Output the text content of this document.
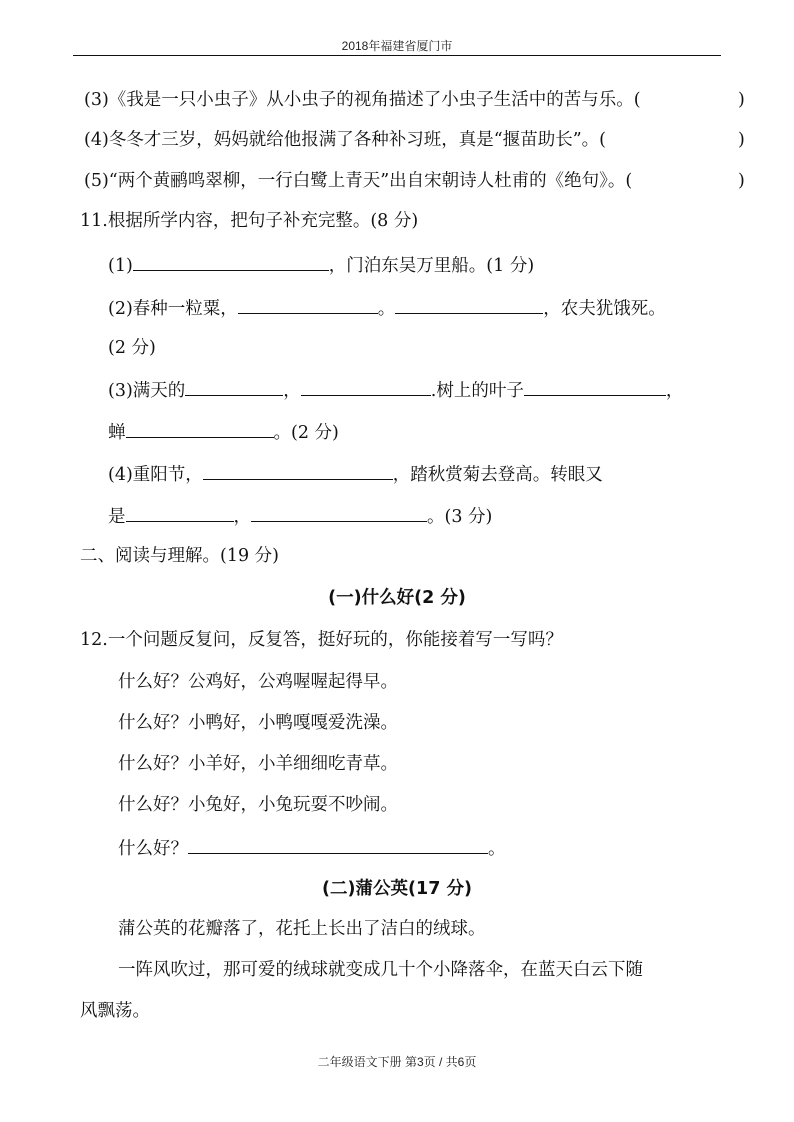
2018年福建省厦门市
(3)《我是一只小虫子》从小虫子的视角描述了小虫子生活中的苦与乐。(	)
(4)冬冬才三岁，妈妈就给他报满了各种补习班，真是“揠苗助长”。(	)
(5)“两个黄鹂鸣翠柳，一行白鹭上青天”出自宋朝诗人杜甫的《绝句》。(	)
11.根据所学内容，把句子补充完整。(8 分)
(1)	，门泊东吴万里船。(1 分)
(2)春种一粒粟，	。	，农夫犹饿死。
(2 分)
(3)满天的	，	.树上的叶子	，
蝉	。(2 分)
(4)重阳节，	，踏秋赏菊去登高。转眼又
是	，	。(3 分)
二、阅读与理解。(19 分)
(一)什么好(2 分)
12.一个问题反复问，反复答，挺好玩的，你能接着写一写吗？
什么好？公鸡好，公鸡喔喔起得早。
什么好？小鸭好，小鸭嘎嘎爱洗澡。
什么好？小羊好，小羊细细吃青草。
什么好？小兔好，小兔玩耍不吵闹。
什么好？	。
(二)蒲公英(17 分)
蒲公英的花瓣落了，花托上长出了洁白的绒球。
一阵风吹过，那可爱的绒球就变成几十个小降落伞，在蓝天白云下随
风飘荡。
二年级语文下册 第3页 / 共6页
